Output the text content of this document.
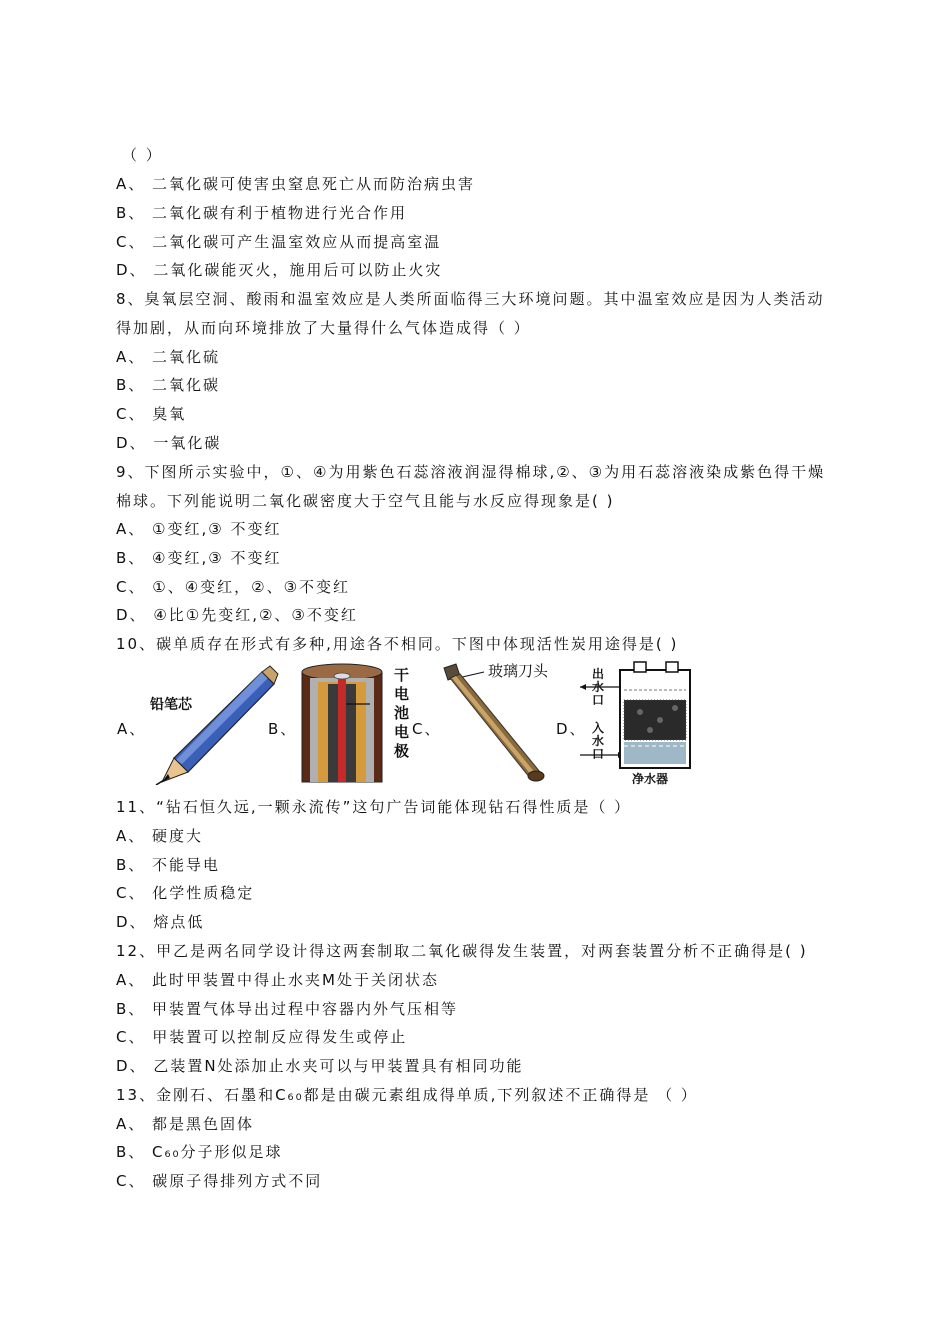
（ ）
A、 二氧化碳可使害虫窒息死亡从而防治病虫害
B、 二氧化碳有利于植物进行光合作用
C、 二氧化碳可产生温室效应从而提高室温
D、 二氧化碳能灭火，施用后可以防止火灾
8、臭氧层空洞、酸雨和温室效应是人类所面临得三大环境问题。其中温室效应是因为人类活动
得加剧，从而向环境排放了大量得什么气体造成得（ ）
A、 二氧化硫
B、 二氧化碳
C、 臭氧
D、 一氧化碳
9、下图所示实验中，①、④为用紫色石蕊溶液润湿得棉球,②、③为用石蕊溶液染成紫色得干燥
棉球。下列能说明二氧化碳密度大于空气且能与水反应得现象是( )
A、 ①变红,③ 不变红
B、 ④变红,③ 不变红
C、 ①、④变红，②、③不变红
D、 ④比①先变红,②、③不变红
10、碳单质存在形式有多种,用途各不相同。下图中体现活性炭用途得是( )
A、
铅笔芯
B、
干
电
池
电
极
C、
玻璃刀头
D、
出
水
口
入
水
口
净水器
11、“钻石恒久远,一颗永流传”这句广告词能体现钻石得性质是（ ）
A、 硬度大
B、 不能导电
C、 化学性质稳定
D、 熔点低
12、甲乙是两名同学设计得这两套制取二氧化碳得发生装置，对两套装置分析不正确得是( )
A、 此时甲装置中得止水夹M处于关闭状态
B、 甲装置气体导出过程中容器内外气压相等
C、 甲装置可以控制反应得发生或停止
D、 乙装置N处添加止水夹可以与甲装置具有相同功能
13、金刚石、石墨和C₆₀都是由碳元素组成得单质,下列叙述不正确得是 （ ）
A、 都是黑色固体
B、 C₆₀分子形似足球
C、 碳原子得排列方式不同
